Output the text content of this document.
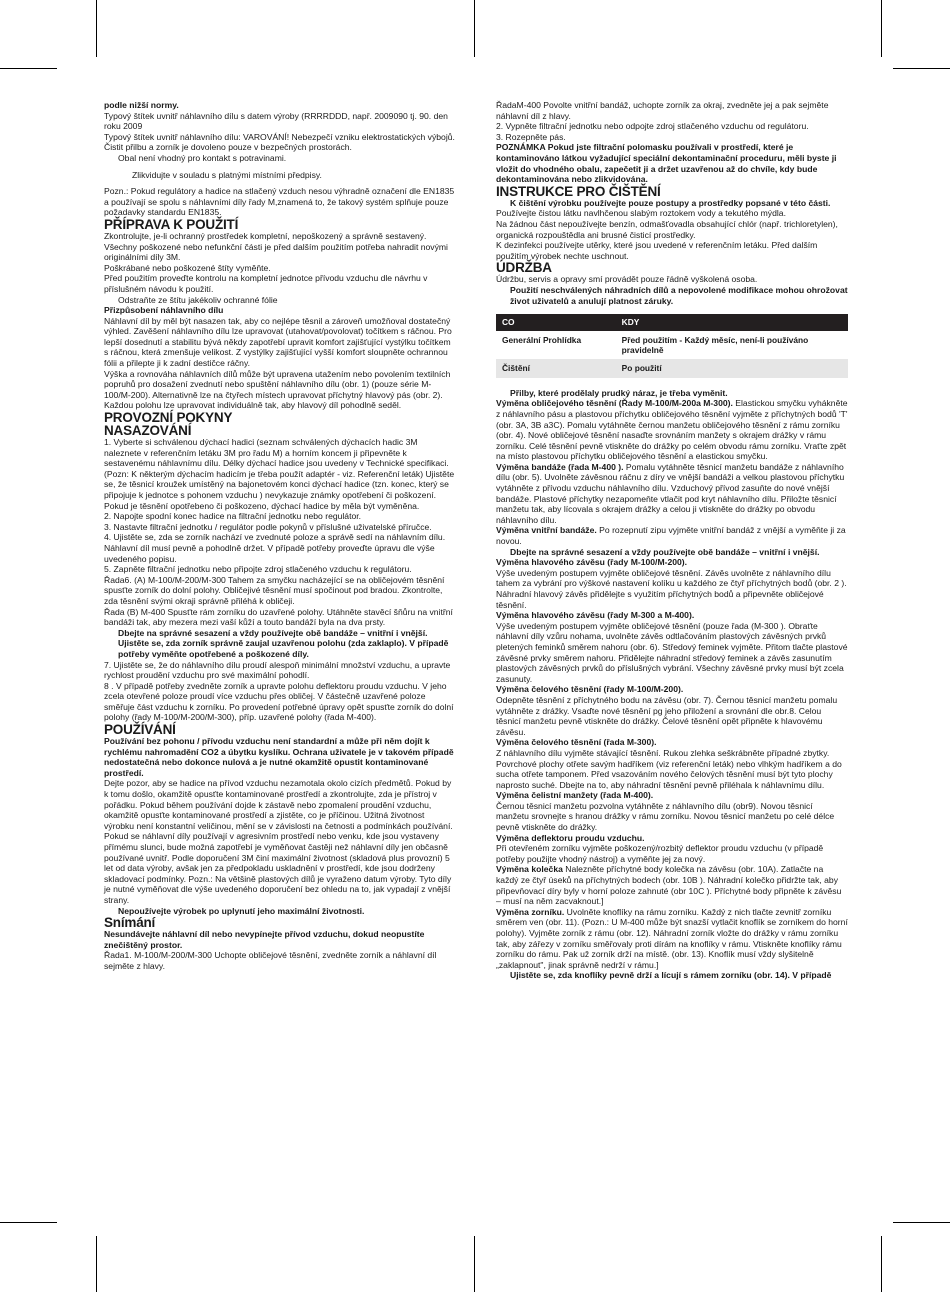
podle nižší normy.

Typový štítek uvnitř náhlavního dílu s datem výroby (RRRRDDD, např. 2009090 tj. 90. den roku 2009

Typový štítek uvnitř náhlavního dílu: VAROVÁNÍ! Nebezpečí vzniku elektrostatických výbojů. Čistit přilbu a zorník je dovoleno pouze v bezpečných prostorách.

Obal není vhodný pro kontakt s potravinami.

Zlikvidujte v souladu s platnými místními předpisy.

Pozn.: Pokud regulátory a hadice na stlačený vzduch nesou výhradně označení dle EN1835 a používají se spolu s náhlavními díly řady M,znamená to, že takový systém splňuje pouze požadavky standardu EN1835.

PŘÍPRAVA K POUŽITÍ

Zkontrolujte, je-li ochranný prostředek kompletní, nepoškozený a správně sestavený. Všechny poškozené nebo nefunkční části je před dalším použitím potřeba nahradit novými originálními díly 3M.

Poškrábané nebo poškozené štíty vyměňte.

Před použitím proveďte kontrolu na kompletní jednotce přívodu vzduchu dle návrhu v příslušném návodu k použití.

Odstraňte ze štítu jakékoliv ochranné fólie

Přizpůsobení náhlavního dílu

Náhlavní díl by měl být nasazen tak, aby co nejlépe těsnil a zároveň umožňoval dostatečný výhled. Zavěšení náhlavního dílu lze upravovat (utahovat/povolovat) točítkem s ráčnou. Pro lepší dosednutí a stabilitu bývá někdy zapotřebí upravit komfort zajišťující vystýlku točítkem s ráčnou, která zmenšuje velikost. Z vystýlky zajišťující vyšší komfort sloupněte ochrannou fólii a přilepte ji k zadní destičce ráčny.

Výška a rovnováha náhlavních dílů může být upravena utažením nebo povolením textilních popruhů pro dosažení zvednutí nebo spuštění náhlavního dílu (obr. 1) (pouze série M-100/M-200). Alternativně lze na čtyřech místech upravovat příchytný hlavový pás (obr. 2). Každou polohu lze upravovat individuálně tak, aby hlavový díl pohodlně seděl.

PROVOZNÍ POKYNY

NASAZOVÁNÍ

1. Vyberte si schválenou dýchací hadici (seznam schválených dýchacích hadic 3M naleznete v referenčním letáku 3M pro řadu M) a horním koncem ji připevněte k sestavenému náhlavnímu dílu. Délky dýchací hadice jsou uvedeny v Technické specifikaci. (Pozn: K některým dýchacím hadicím je třeba použít adaptér - viz. Referenční leták) Ujistěte se, že těsnicí kroužek umístěný na bajonetovém konci dýchací hadice (tzn. konec, který se připojuje k jednotce s pohonem vzduchu ) nevykazuje známky opotřebení či poškození. Pokud je těsnění opotřebeno či poškozeno, dýchací hadice by měla být vyměněna.

2. Napojte spodní konec hadice na filtrační jednotku nebo regulátor.

3. Nastavte filtrační jednotku / regulátor podle pokynů v příslušné uživatelské příručce.

4. Ujistěte se, zda se zorník nachází ve zvednuté poloze a správě sedí na náhlavním dílu. Náhlavní díl musí pevně a pohodlně držet. V případě potřeby proveďte úpravu dle výše uvedeného popisu.

5. Zapněte filtrační jednotku nebo připojte zdroj stlačeného vzduchu k regulátoru.

Řada6. (A) M-100/M-200/M-300 Tahem za smyčku nacházející se na obličejovém těsnění spusťte zorník do dolní polohy. Obličejivé těsnění musí spočinout pod bradou. Zkontrolte, zda těsnění svými okraji správně přiléhá k obličeji.

Řada (B) M-400 Spusťte rám zorníku do uzavřené polohy. Utáhněte stavěcí šňůru na vnitřní bandáži tak, aby mezera mezi vaší kůží a touto bandáží byla na dva prsty.

Dbejte na správné sesazení a vždy používejte obě bandáže – vnitřní i vnější.

Ujistěte se, zda zorník správně zaujal uzavřenou polohu (zda zaklaplo). V případě potřeby vyměňte opotřebené a poškozené díly.

7. Ujistěte se, že do náhlavního dílu proudí alespoň minimální množství vzduchu, a upravte rychlost proudění vzduchu pro své maximální pohodlí.

8 . V případě potřeby zvedněte zorník a upravte polohu deflektoru proudu vzduchu. V jeho zcela otevřené poloze proudí více vzduchu přes obličej. V částečně uzavřené poloze směřuje část vzduchu k zorníku. Po provedení potřebné úpravy opět spusťte zorník do dolní polohy (řady M-100/M-200/M-300), příp. uzavřené polohy (řada M-400).

POUŽÍVÁNÍ

Používání bez pohonu / přívodu vzduchu není standardní a může při něm dojít k rychlému nahromadění CO2 a úbytku kyslíku. Ochrana uživatele je v takovém případě nedostatečná nebo dokonce nulová a je nutné okamžitě opustit kontaminované prostředí.

Dejte pozor, aby se hadice na přívod vzduchu nezamotala okolo cizích předmětů. Pokud by k tomu došlo, okamžitě opusťte kontaminované prostředí a zkontrolujte, zda je přístroj v pořádku. Pokud během používání dojde k zástavě nebo zpomalení proudění vzduchu, okamžitě opusťte kontaminované prostředí a zjistěte, co je příčinou. Užitná životnost výrobku není konstantní veličinou, mění se v závislosti na četnosti a podmínkách používání. Pokud se náhlavní díly používají v agresivním prostředí nebo venku, kde jsou vystaveny přímému slunci, bude možná zapotřebí je vyměňovat častěji než náhlavní díly jen občasně používané uvnitř. Podle doporučení 3M činí maximální životnost (skladová plus provozní) 5 let od data výroby, avšak jen za předpokladu uskladnění v prostředí, kde jsou dodrženy skladovací podmínky. Pozn.: Na většině plastových dílů je vyraženo datum výroby. Tyto díly je nutné vyměňovat dle výše uvedeného doporučení bez ohledu na to, jak vypadají z vnější strany.

Nepoužívejte výrobek po uplynutí jeho maximální životnosti.

Snímání

Nesundávejte náhlavní díl nebo nevypínejte přívod vzduchu, dokud neopustíte znečištěný prostor.

Řada1. M-100/M-200/M-300 Uchopte obličejové těsnění, zvedněte zorník a náhlavní díl sejměte z hlavy.

ŘadaM-400 Povolte vnitřní bandáž, uchopte zorník za okraj, zvedněte jej a pak sejměte náhlavní díl z hlavy.

2. Vypněte filtrační jednotku nebo odpojte zdroj stlačeného vzduchu od regulátoru.

3. Rozepněte pás.

POZNÁMKA Pokud jste filtrační polomasku používali v prostředí, které je kontaminováno látkou vyžadující speciální dekontaminační proceduru, měli byste ji vložit do vhodného obalu, zapečetit ji a držet uzavřenou až do chvíle, kdy bude dekontaminována nebo zlikvidována.

INSTRUKCE PRO ČIŠTĚNÍ

K čištění výrobku používejte pouze postupy a prostředky popsané v této části.

Používejte čistou látku navlhčenou slabým roztokem vody a tekutého mýdla.

Na žádnou část nepoužívejte benzín, odmašťovadla obsahující chlór (např. trichloretylen), organická rozpouštědla ani brusné čisticí prostředky.

K dezinfekci používejte utěrky, které jsou uvedené v referenčním letáku. Před dalším použitím výrobek nechte uschnout.

ÚDRŽBA

Údržbu, servis a opravy smí provádět pouze řádně vyškolená osoba.

Použití neschválených náhradních dílů a nepovolené modifikace mohou ohrožovat život uživatelů a anulují platnost záruky.

CO	KDY
Generální Prohlídka	Před použitím - Každý měsíc, není-li používáno pravidelně
Čištění	Po použití

Přilby, které prodělaly prudký náraz, je třeba vyměnit.

Výměna obličejového těsnění (Řady M-100/M-200a M-300). Elastickou smyčku vyhákněte z náhlavního pásu a plastovou příchytku obličejového těsnění vyjměte z příchytných bodů 'T' (obr. 3A, 3B a3C). Pomalu vytáhněte černou manžetu obličejového těsnění z rámu zorníku (obr. 4). Nové obličejové těsnění nasaďte srovnáním manžety s okrajem drážky v rámu zorníku. Celé těsnění pevně vtiskněte do drážky po celém obvodu rámu zorníku. Vraťte zpět na místo plastovou příchytku obličejového těsnění a elastickou smyčku.

Výměna bandáže (řada M-400 ). Pomalu vytáhněte těsnicí manžetu bandáže z náhlavního dílu (obr. 5). Uvolněte závěsnou ráčnu z díry ve vnější bandáži a velkou plastovou příchytku vytáhněte z přívodu vzduchu náhlavního dílu. Vzduchový přívod zasuňte do nové vnější bandáže. Plastové příchytky nezapomeňte vtlačit pod kryt náhlavního dílu. Přiložte těsnicí manžetu tak, aby lícovala s okrajem drážky a celou ji vtiskněte do drážky po obvodu náhlavního dílu.

Výměna vnitřní bandáže. Po rozepnutí zipu vyjměte vnitřní bandáž z vnější a vyměňte ji za novou.

Dbejte na správné sesazení a vždy používejte obě bandáže – vnitřní i vnější.

Výměna hlavového závěsu (řady M-100/M-200).

Výše uvedeným postupem vyjměte obličejové těsnění. Závěs uvolněte z náhlavního dílu tahem za vybrání pro výškové nastavení kolíku u každého ze čtyř příchytných bodů (obr. 2 ). Náhradní hlavový závěs přidělejte s využitím příchytných bodů a připevněte obličejové těsnění.

Výměna hlavového závěsu (řady M-300 a M-400).

Výše uvedeným postupem vyjměte obličejové těsnění (pouze řada (M-300 ). Obraťte náhlavní díly vzůru nohama, uvolněte závěs odtlačováním plastových závěsných prvků pletených feminků směrem nahoru (obr. 6). Středový feminek vyjměte. Přitom tlačte plastové závěsné prvky směrem nahoru. Přidělejte náhradní středový feminek a závěs zasunutím plastových závěsných prvků do příslušných vybrání. Všechny závěsné prvky musí být zcela zasunuty.

Výměna čelového těsnění (řady M-100/M-200).

Odepněte těsnění z příchytného bodu na závěsu (obr. 7). Černou těsnicí manžetu pomalu vytáhněte z drážky. Vsaďte nové těsnění pg jeho přiložení a srovnání dle obr.8. Celou těsnicí manžetu pevně vtiskněte do drážky. Čelové těsnění opět připněte k hlavovému závěsu.

Výměna čelového těsnění (řada M-300).

Z náhlavního dílu vyjměte stávající těsnění. Rukou zlehka seškrábněte případné zbytky. Povrchové plochy otřete savým hadříkem (viz referenční leták) nebo vlhkým hadříkem a do sucha otřete tamponem. Před vsazováním nového čelových těsnění musí být tyto plochy naprosto suché. Dbejte na to, aby náhradní těsnění pevně přiléhala k náhlavnímu dílu.

Výměna čelistní manžety (řada M-400).

Černou těsnicí manžetu pozvolna vytáhněte z náhlavního dílu (obr9). Novou těsnicí manžetu srovnejte s hranou drážky v rámu zorníku. Novou těsnicí manžetu po celé délce pevně vtiskněte do drážky.

Výměna deflektoru proudu vzduchu.

Při otevřeném zorníku vyjměte poškozený/rozbitý deflektor proudu vzduchu (v případě potřeby použijte vhodný nástroj) a vyměňte jej za nový.

Výměna kolečka Nalezněte příchytné body kolečka na závěsu (obr. 10A). Zatlačte na každý ze čtyř úseků na příchytných bodech (obr. 10B ). Náhradní kolečko přidržte tak, aby připevňovací díry byly v horní poloze zahnuté (obr 10C ). Příchytné body připněte k závěsu – musí na něm zacvaknout.]

Výměna zorníku. Uvolněte knoflíky na rámu zorníku. Každý z nich tlačte zevnitř zorníku směrem ven (obr. 11). (Pozn.: U M-400 může být snazší vytlačit knoflík se zorníkem do horní polohy). Vyjměte zorník z rámu (obr. 12). Náhradní zorník vložte do drážky v rámu zorníku tak, aby zářezy v zorníku směřovaly proti dírám na knoflíky v rámu. Vtiskněte knoflíky rámu zorníku do rámu. Pak už zorník drží na místě. (obr. 13). Knoflík musí vždy slyšitelně „zaklapnout", jinak správně nedrží v rámu.]

Ujistěte se, zda knoflíky pevně drží a lícují s rámem zorníku (obr. 14). V případě
